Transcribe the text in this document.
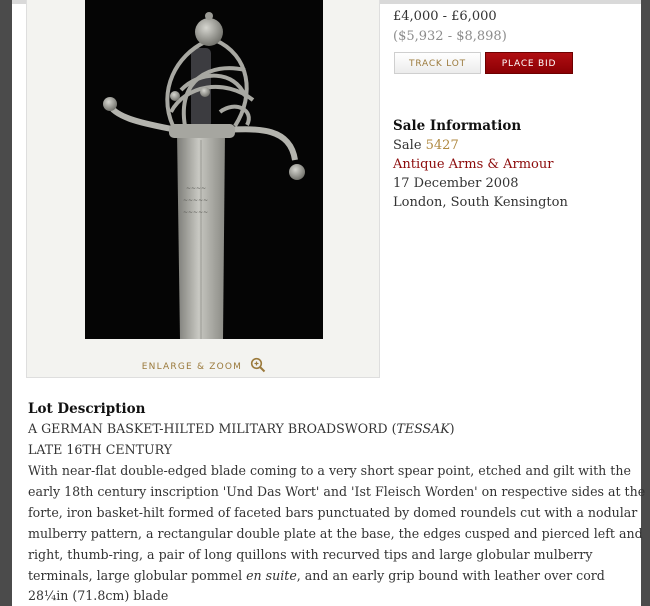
~~~~
~~~~~
~~~~~
ENLARGE & ZOOM
£4,000 - £6,000
($5,932 - $8,898)
TRACK LOT	PLACE BID
Sale Information
Sale 5427
Antique Arms & Armour
17 December 2008
London, South Kensington
Lot Description
A GERMAN BASKET-HILTED MILITARY BROADSWORD (TESSAK)
LATE 16TH CENTURY
With near-flat double-edged blade coming to a very short spear point, etched and gilt with the
early 18th century inscription 'Und Das Wort' and 'Ist Fleisch Worden' on respective sides at the
forte, iron basket-hilt formed of faceted bars punctuated by domed roundels cut with a nodular
mulberry pattern, a rectangular double plate at the base, the edges cusped and pierced left and
right, thumb-ring, a pair of long quillons with recurved tips and large globular mulberry
terminals, large globular pommel en suite, and an early grip bound with leather over cord
28¼in (71.8cm) blade
